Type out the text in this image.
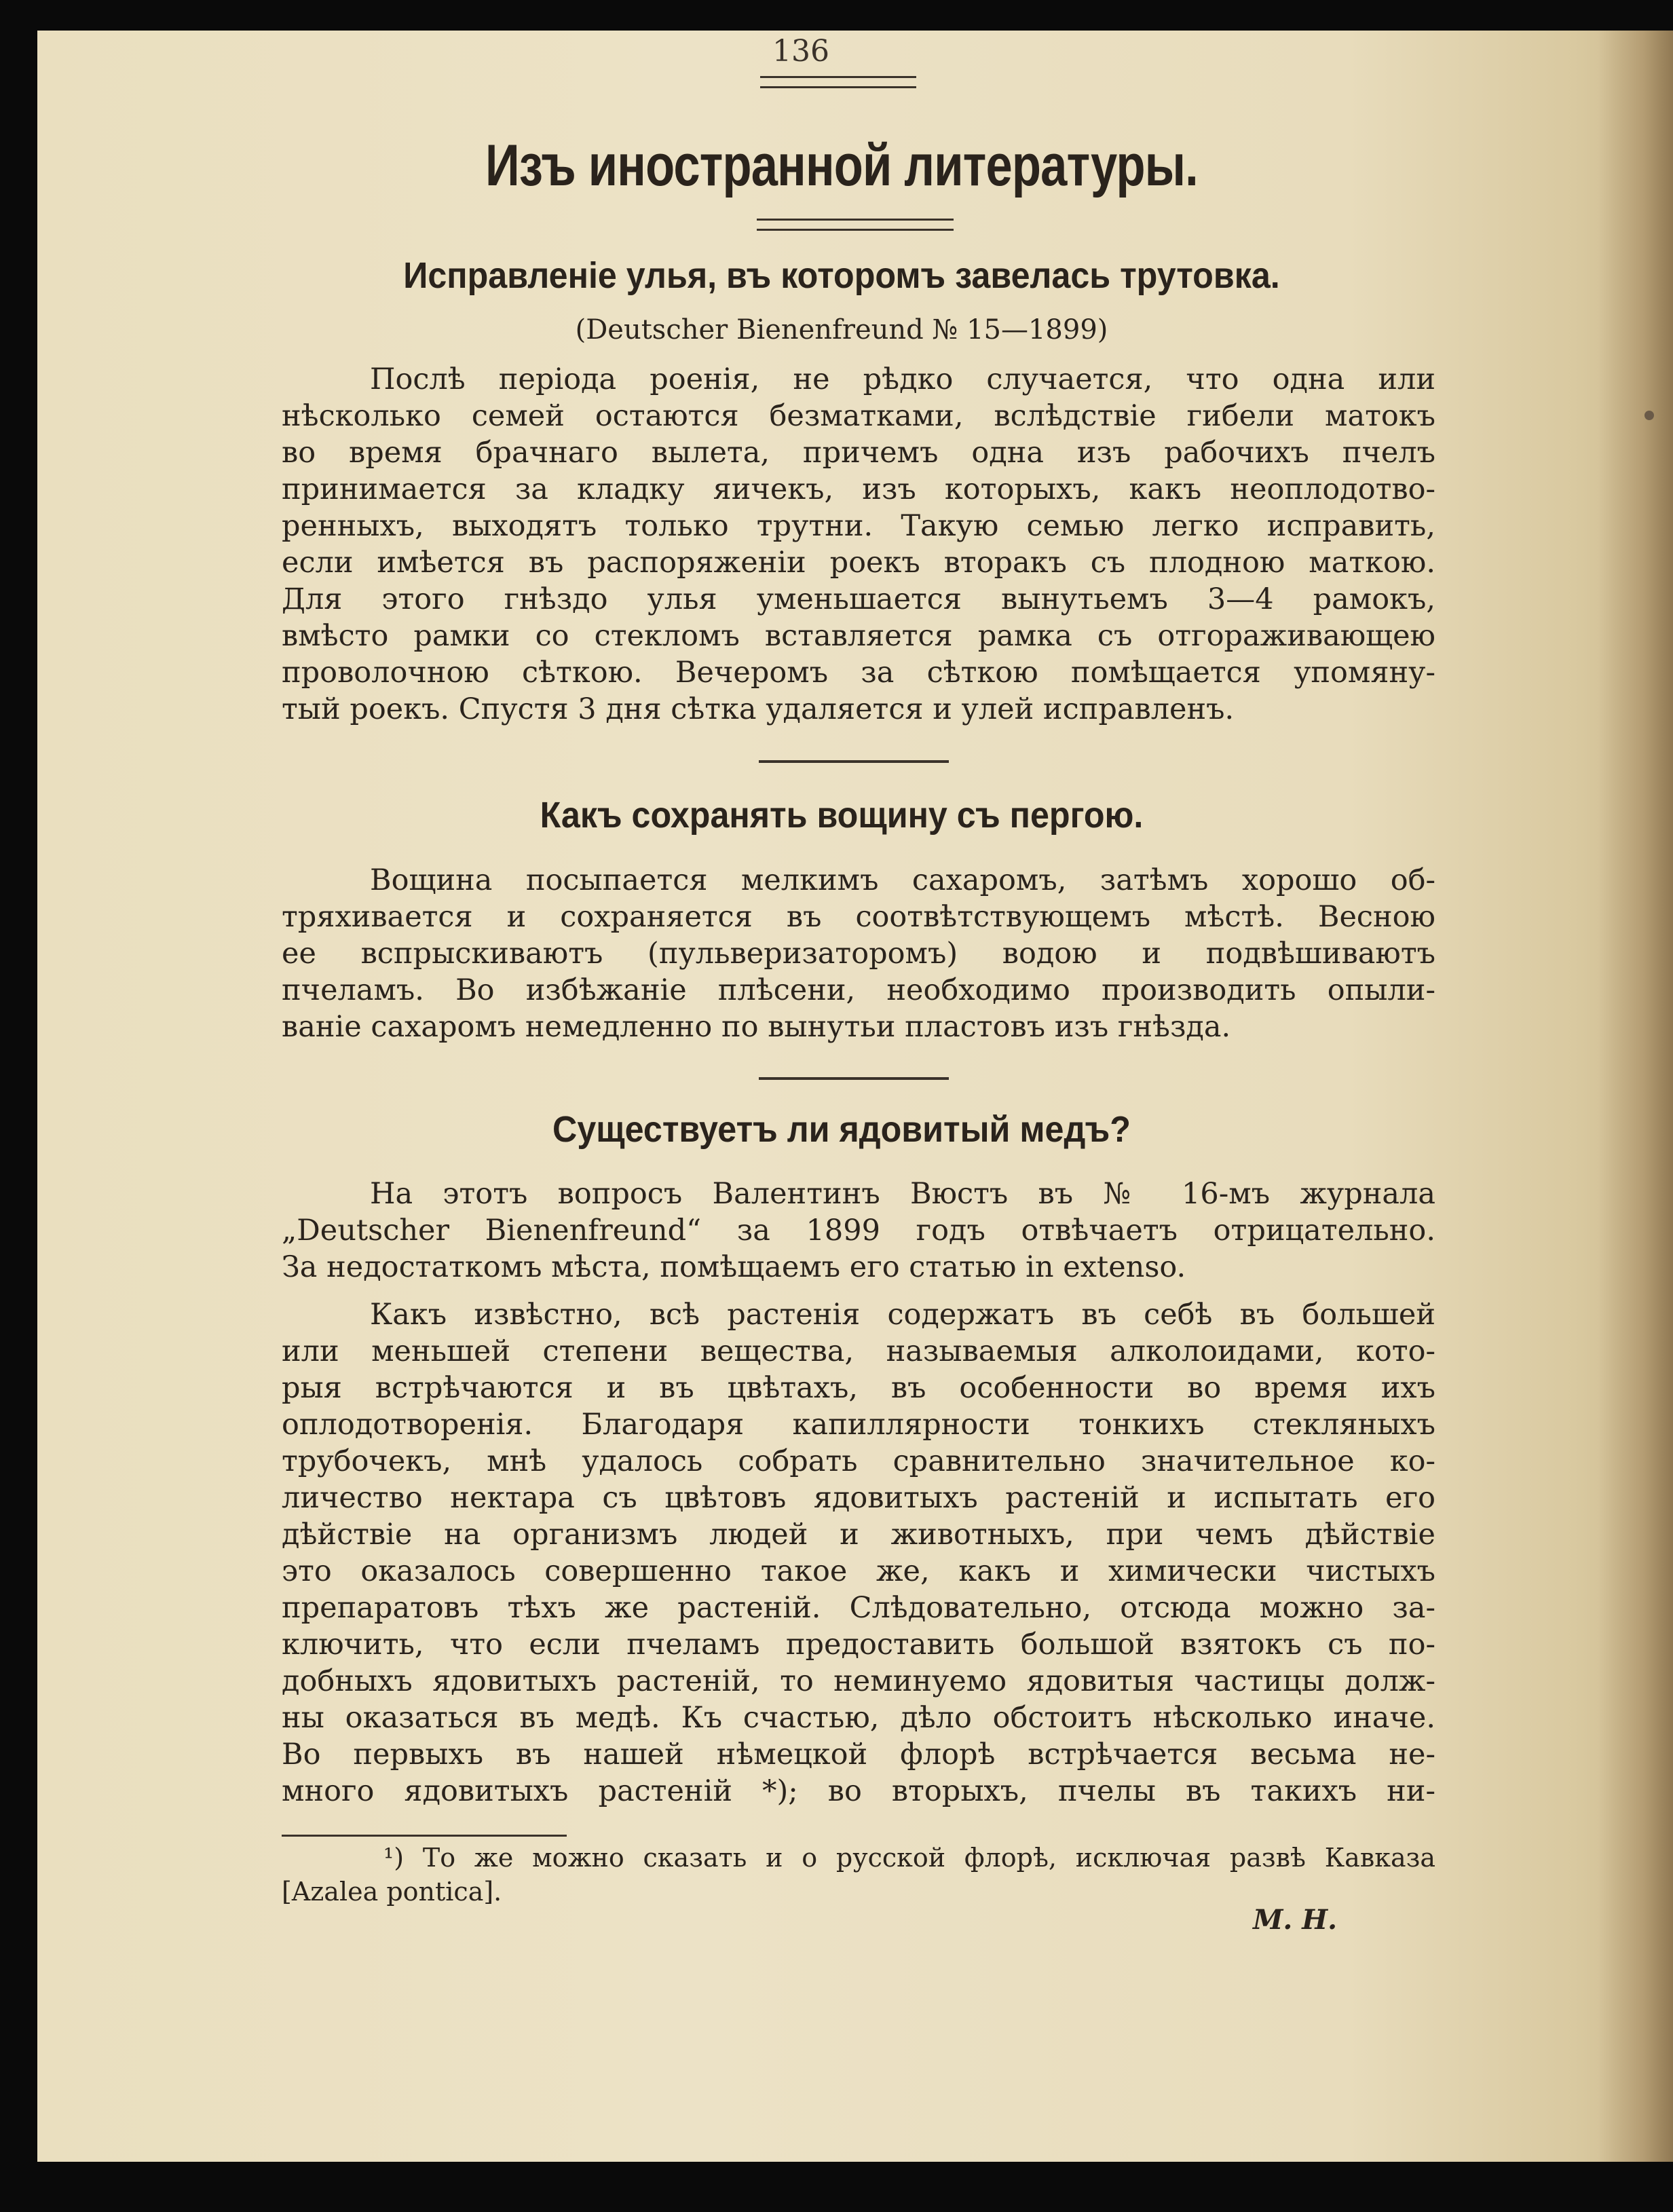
136
Изъ иностранной литературы.
Исправленіе улья, въ которомъ завелась трутовка.
(Deutscher Bienenfreund № 15—1899)
Послѣ періода роенія, не рѣдко случается, что одна или
нѣсколько семей остаются безматками, вслѣдствіе гибели матокъ
во время брачнаго вылета, причемъ одна изъ рабочихъ пчелъ
принимается за кладку яичекъ, изъ которыхъ, какъ неоплодотво-
ренныхъ, выходятъ только трутни. Такую семью легко исправить,
если имѣется въ распоряженіи роекъ вторакъ съ плодною маткою.
Для этого гнѣздо улья уменьшается вынутьемъ 3—4 рамокъ,
вмѣсто рамки со стекломъ вставляется рамка съ отгораживающею
проволочною сѣткою. Вечеромъ за сѣткою помѣщается упомяну-
тый роекъ. Спустя 3 дня сѣтка удаляется и улей исправленъ.
Какъ сохранять вощину съ пергою.
Вощина посыпается мелкимъ сахаромъ, затѣмъ хорошо об-
тряхивается и сохраняется въ соотвѣтствующемъ мѣстѣ. Весною
ее вспрыскиваютъ (пульверизаторомъ) водою и подвѣшиваютъ
пчеламъ. Во избѣжаніе плѣсени, необходимо производить опыли-
ваніе сахаромъ немедленно по вынутьи пластовъ изъ гнѣзда.
Существуетъ ли ядовитый медъ?
На этотъ вопросъ Валентинъ Вюстъ въ № 16-мъ журнала
„Deutscher Bienenfreund“ за 1899 годъ отвѣчаетъ отрицательно.
За недостаткомъ мѣста, помѣщаемъ его статью in extenso.
Какъ извѣстно, всѣ растенія содержатъ въ себѣ въ большей
или меньшей степени вещества, называемыя алколоидами, кото-
рыя встрѣчаются и въ цвѣтахъ, въ особенности во время ихъ
оплодотворенія. Благодаря капиллярности тонкихъ стекляныхъ
трубочекъ, мнѣ удалось собрать сравнительно значительное ко-
личество нектара съ цвѣтовъ ядовитыхъ растеній и испытать его
дѣйствіе на организмъ людей и животныхъ, при чемъ дѣйствіе
это оказалось совершенно такое же, какъ и химически чистыхъ
препаратовъ тѣхъ же растеній. Слѣдовательно, отсюда можно за-
ключить, что если пчеламъ предоставить большой взятокъ съ по-
добныхъ ядовитыхъ растеній, то неминуемо ядовитыя частицы долж-
ны оказаться въ медѣ. Къ счастью, дѣло обстоитъ нѣсколько иначе.
Во первыхъ въ нашей нѣмецкой флорѣ встрѣчается весьма не-
много ядовитыхъ растеній *); во вторыхъ, пчелы въ такихъ ни-
¹) То же можно сказать и о русской флорѣ, исключая развѣ Кавказа
[Azalea pontica].
М. Н.
